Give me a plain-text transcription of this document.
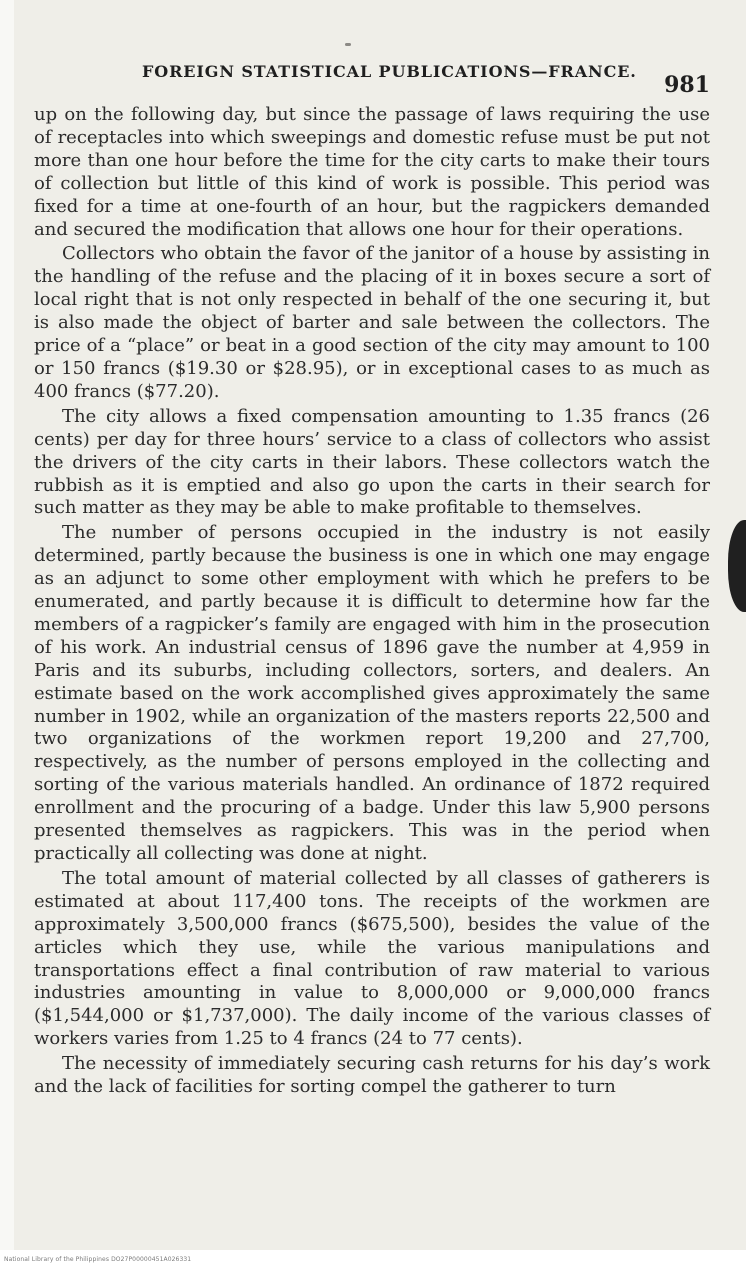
FOREIGN STATISTICAL PUBLICATIONS—FRANCE.
981

up on the following day, but since the passage of laws requiring the use of receptacles into which sweepings and domestic refuse must be put not more than one hour before the time for the city carts to make their tours of collection but little of this kind of work is possible. This period was fixed for a time at one-fourth of an hour, but the ragpickers demanded and secured the modification that allows one hour for their operations.

Collectors who obtain the favor of the janitor of a house by assisting in the handling of the refuse and the placing of it in boxes secure a sort of local right that is not only respected in behalf of the one securing it, but is also made the object of barter and sale between the collectors. The price of a “place” or beat in a good section of the city may amount to 100 or 150 francs ($19.30 or $28.95), or in exceptional cases to as much as 400 francs ($77.20).

The city allows a fixed compensation amounting to 1.35 francs (26 cents) per day for three hours’ service to a class of collectors who assist the drivers of the city carts in their labors. These collectors watch the rubbish as it is emptied and also go upon the carts in their search for such matter as they may be able to make profitable to themselves.

The number of persons occupied in the industry is not easily determined, partly because the business is one in which one may engage as an adjunct to some other employment with which he prefers to be enumerated, and partly because it is difficult to determine how far the members of a ragpicker’s family are engaged with him in the prosecution of his work. An industrial census of 1896 gave the number at 4,959 in Paris and its suburbs, including collectors, sorters, and dealers. An estimate based on the work accomplished gives approximately the same number in 1902, while an organization of the masters reports 22,500 and two organizations of the workmen report 19,200 and 27,700, respectively, as the number of persons employed in the collecting and sorting of the various materials handled. An ordinance of 1872 required enrollment and the procuring of a badge. Under this law 5,900 persons presented themselves as ragpickers. This was in the period when practically all collecting was done at night.

The total amount of material collected by all classes of gatherers is estimated at about 117,400 tons. The receipts of the workmen are approximately 3,500,000 francs ($675,500), besides the value of the articles which they use, while the various manipulations and transportations effect a final contribution of raw material to various industries amounting in value to 8,000,000 or 9,000,000 francs ($1,544,000 or $1,737,000). The daily income of the various classes of workers varies from 1.25 to 4 francs (24 to 77 cents).

The necessity of immediately securing cash returns for his day’s work and the lack of facilities for sorting compel the gatherer to turn

National Library of the Philippines DO27P00000451A026331
